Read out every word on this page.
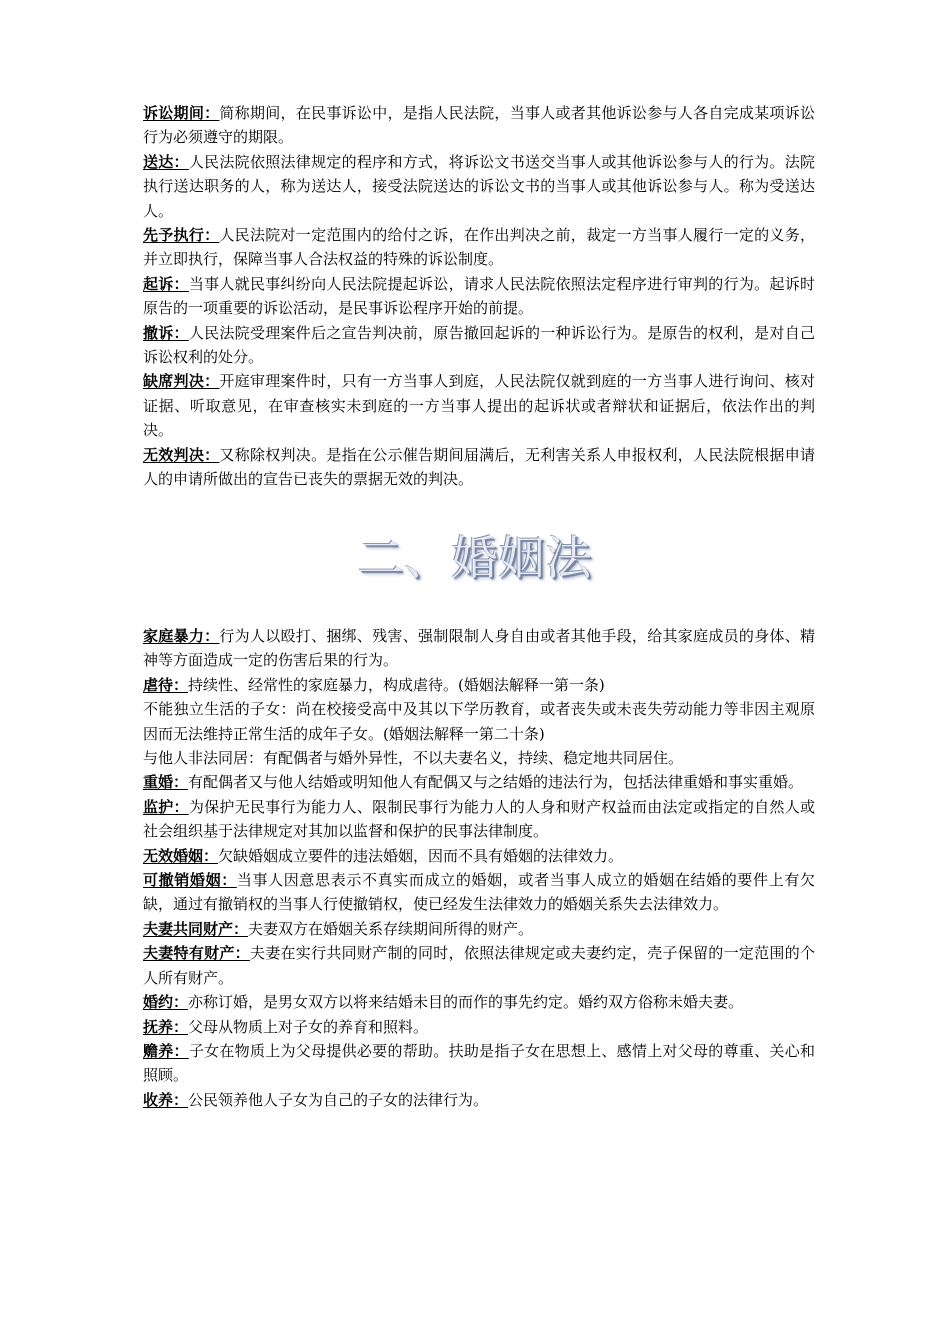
诉讼期间：简称期间，在民事诉讼中，是指人民法院，当事人或者其他诉讼参与人各自完成某项诉讼行为必须遵守的期限。

送达：人民法院依照法律规定的程序和方式，将诉讼文书送交当事人或其他诉讼参与人的行为。法院执行送达职务的人，称为送达人，接受法院送达的诉讼文书的当事人或其他诉讼参与人。称为受送达人。

先予执行：人民法院对一定范围内的给付之诉，在作出判决之前，裁定一方当事人履行一定的义务，并立即执行，保障当事人合法权益的特殊的诉讼制度。

起诉：当事人就民事纠纷向人民法院提起诉讼，请求人民法院依照法定程序进行审判的行为。起诉时原告的一项重要的诉讼活动，是民事诉讼程序开始的前提。

撤诉：人民法院受理案件后之宣告判决前，原告撤回起诉的一种诉讼行为。是原告的权利，是对自己诉讼权利的处分。

缺席判决：开庭审理案件时，只有一方当事人到庭，人民法院仅就到庭的一方当事人进行询问、核对证据、听取意见，在审查核实未到庭的一方当事人提出的起诉状或者辩状和证据后，依法作出的判决。

无效判决：又称除权判决。是指在公示催告期间届满后，无利害关系人申报权利，人民法院根据申请人的申请所做出的宣告已丧失的票据无效的判决。

二、婚姻法

家庭暴力：行为人以殴打、捆绑、残害、强制限制人身自由或者其他手段，给其家庭成员的身体、精神等方面造成一定的伤害后果的行为。

虐待：持续性、经常性的家庭暴力，构成虐待。(婚姻法解释一第一条)

不能独立生活的子女：尚在校接受高中及其以下学历教育，或者丧失或未丧失劳动能力等非因主观原因而无法维持正常生活的成年子女。(婚姻法解释一第二十条)

与他人非法同居：有配偶者与婚外异性，不以夫妻名义，持续、稳定地共同居住。

重婚：有配偶者又与他人结婚或明知他人有配偶又与之结婚的违法行为，包括法律重婚和事实重婚。

监护：为保护无民事行为能力人、限制民事行为能力人的人身和财产权益而由法定或指定的自然人或社会组织基于法律规定对其加以监督和保护的民事法律制度。

无效婚姻：欠缺婚姻成立要件的违法婚姻，因而不具有婚姻的法律效力。

可撤销婚姻：当事人因意思表示不真实而成立的婚姻，或者当事人成立的婚姻在结婚的要件上有欠缺，通过有撤销权的当事人行使撤销权，使已经发生法律效力的婚姻关系失去法律效力。

夫妻共同财产：夫妻双方在婚姻关系存续期间所得的财产。

夫妻特有财产：夫妻在实行共同财产制的同时，依照法律规定或夫妻约定，壳子保留的一定范围的个人所有财产。

婚约：亦称订婚，是男女双方以将来结婚未目的而作的事先约定。婚约双方俗称未婚夫妻。

抚养：父母从物质上对子女的养育和照料。

赡养：子女在物质上为父母提供必要的帮助。扶助是指子女在思想上、感情上对父母的尊重、关心和照顾。

收养：公民领养他人子女为自己的子女的法律行为。
